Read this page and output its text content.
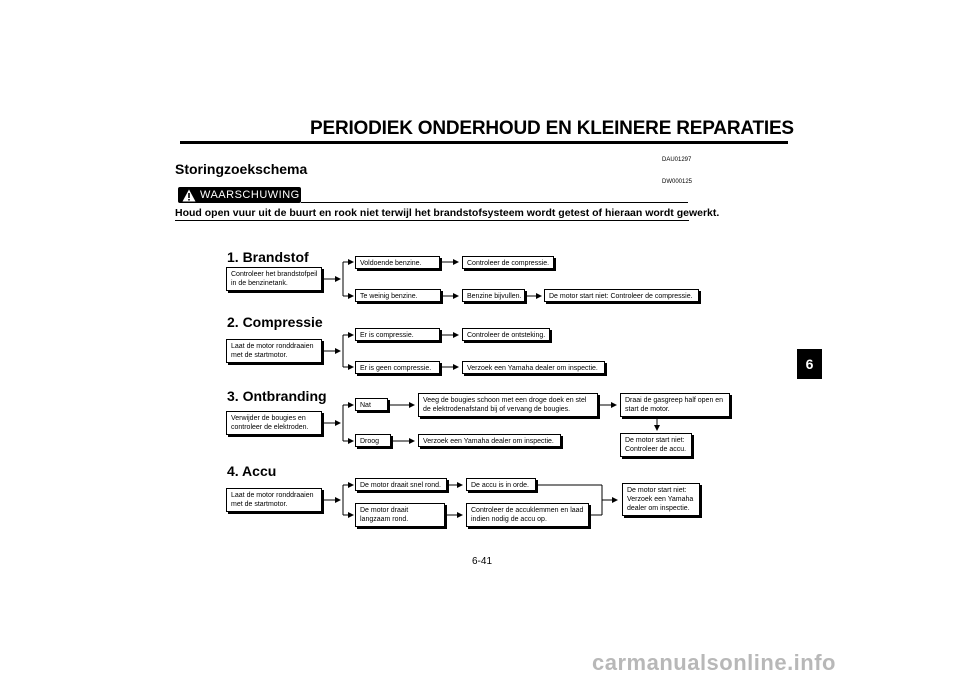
PERIODIEK ONDERHOUD EN KLEINERE REPARATIES
DAU01297
Storingzoekschema
DW000125
WAARSCHUWING
Houd open vuur uit de buurt en rook niet terwijl het brandstofsysteem wordt getest of hieraan wordt gewerkt.
1. Brandstof
Controleer het brandstofpeil
in de benzinetank.
Voldoende benzine.	Controleer de compressie.
Te weinig benzine.	Benzine bijvullen.	De motor start niet: Controleer de compressie.
2. Compressie
Laat de motor ronddraaien
met de startmotor.
Er is compressie.	Controleer de ontsteking.
Er is geen compressie.	Verzoek een Yamaha dealer om inspectie.
3. Ontbranding
Verwijder de bougies en
controleer de elektroden.
Nat
Veeg de bougies schoon met een droge doek en stel
de elektrodenafstand bij of vervang de bougies.
Draai de gasgreep half open en
start de motor.
De motor start niet:
Controleer de accu.
Droog	Verzoek een Yamaha dealer om inspectie.
4. Accu
Laat de motor ronddraaien
met de startmotor.
De motor draait snel rond.	De accu is in orde.
De motor draait
langzaam rond.
Controleer de accuklemmen en laad
indien nodig de accu op.
De motor start niet:
Verzoek een Yamaha
dealer om inspectie.
6
6-41
carmanualsonline.info
